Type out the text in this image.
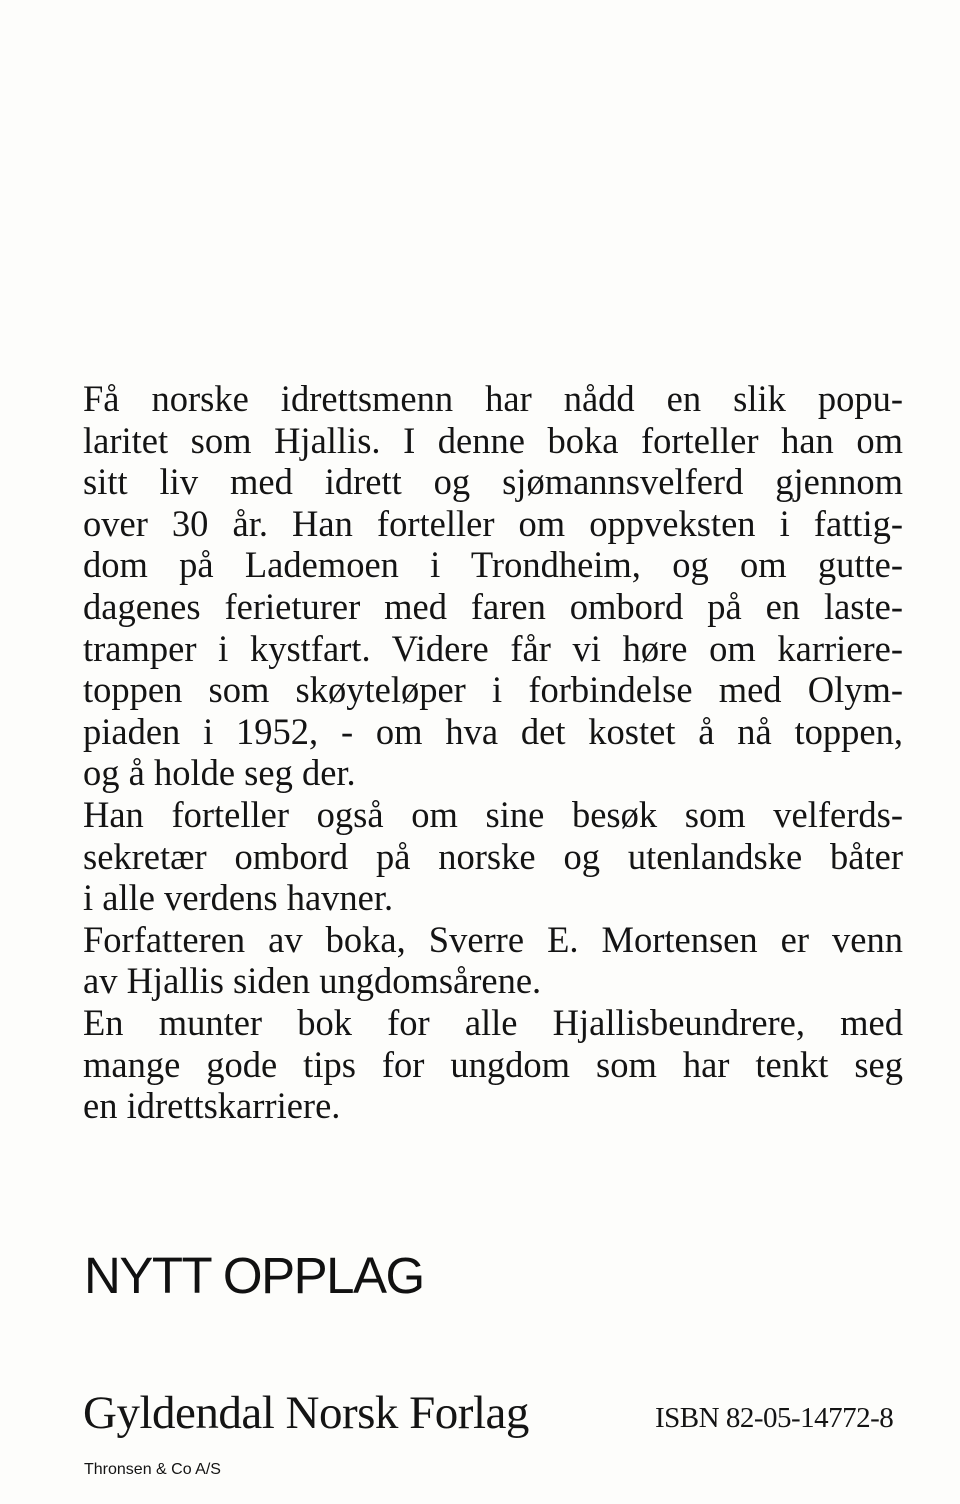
Få norske idrettsmenn har nådd en slik popu-
laritet som Hjallis. I denne boka forteller han om
sitt liv med idrett og sjømannsvelferd gjennom
over 30 år. Han forteller om oppveksten i fattig-
dom på Lademoen i Trondheim, og om gutte-
dagenes ferieturer med faren ombord på en laste-
tramper i kystfart. Videre får vi høre om karriere-
toppen som skøyteløper i forbindelse med Olym-
piaden i 1952, - om hva det kostet å nå toppen,
og å holde seg der.
Han forteller også om sine besøk som velferds-
sekretær ombord på norske og utenlandske båter
i alle verdens havner.
Forfatteren av boka, Sverre E. Mortensen er venn
av Hjallis siden ungdomsårene.
En munter bok for alle Hjallisbeundrere, med
mange gode tips for ungdom som har tenkt seg
en idrettskarriere.
NYTT OPPLAG
Gyldendal Norsk Forlag	ISBN 82-05-14772-8
Thronsen & Co A/S
